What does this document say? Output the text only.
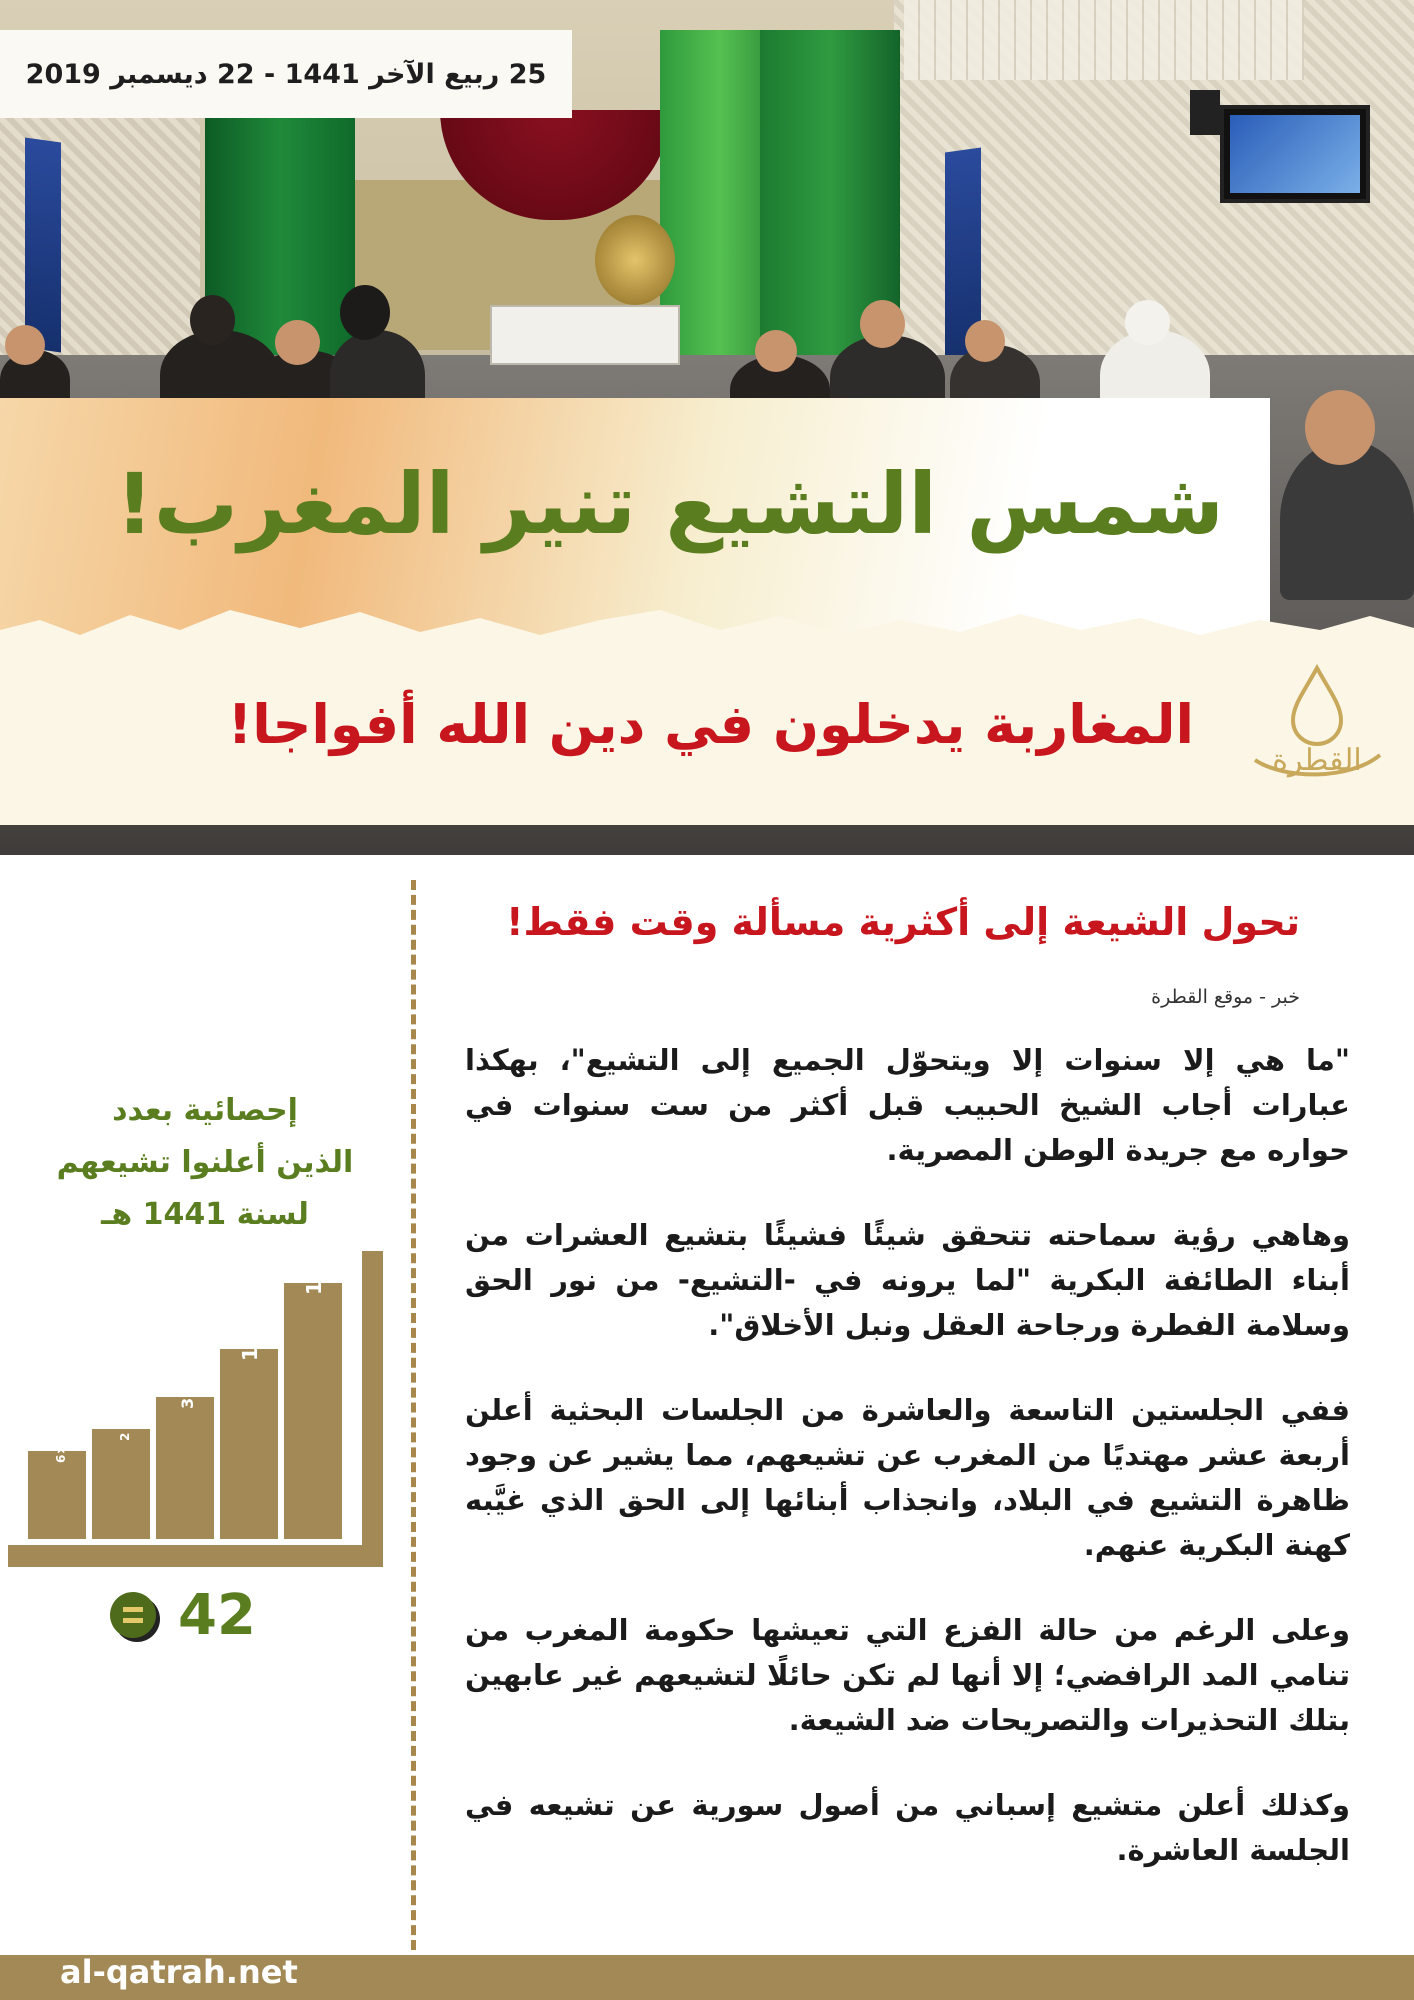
25 ربيع الآخر 1441 - 22 ديسمبر 2019
شمس التشيع تنير المغرب!
المغاربة يدخلون في دين الله أفواجا!
القطرة
تحول الشيعة إلى أكثرية مسألة وقت فقط!
خبر - موقع القطرة

"ما هي إلا سنوات إلا ويتحوّل الجميع إلى التشيع"، بهكذا عبارات أجاب الشيخ الحبيب قبل أكثر من ست سنوات في حواره مع جريدة الوطن المصرية.

وهاهي رؤية سماحته تتحقق شيئًا فشيئًا بتشيع العشرات من أبناء الطائفة البكرية "لما يرونه في -التشيع- من نور الحق وسلامة الفطرة ورجاحة العقل ونبل الأخلاق".

ففي الجلستين التاسعة والعاشرة من الجلسات البحثية أعلن أربعة عشر مهتديًا من المغرب عن تشيعهم، مما يشير عن وجود ظاهرة التشيع في البلاد، وانجذاب أبنائها إلى الحق الذي غيَّبه كهنة البكرية عنهم.

وعلى الرغم من حالة الفزع التي تعيشها حكومة المغرب من تنامي المد الرافضي؛ إلا أنها لم تكن حائلًا لتشيعهم غير عابهين بتلك التحذيرات والتصريحات ضد الشيعة.

وكذلك أعلن متشيع إسباني من أصول سورية عن تشيعه في الجلسة العاشرة.

إحصائية بعدد
الذين أعلنوا تشيعهم
لسنة 1441 هـ
المغرب 16
إسبانيا 10
مصر وفرنسا 3
ألمانيا وأمريكا 2
بقية الدول 1×6
42
al-qatrah.net
